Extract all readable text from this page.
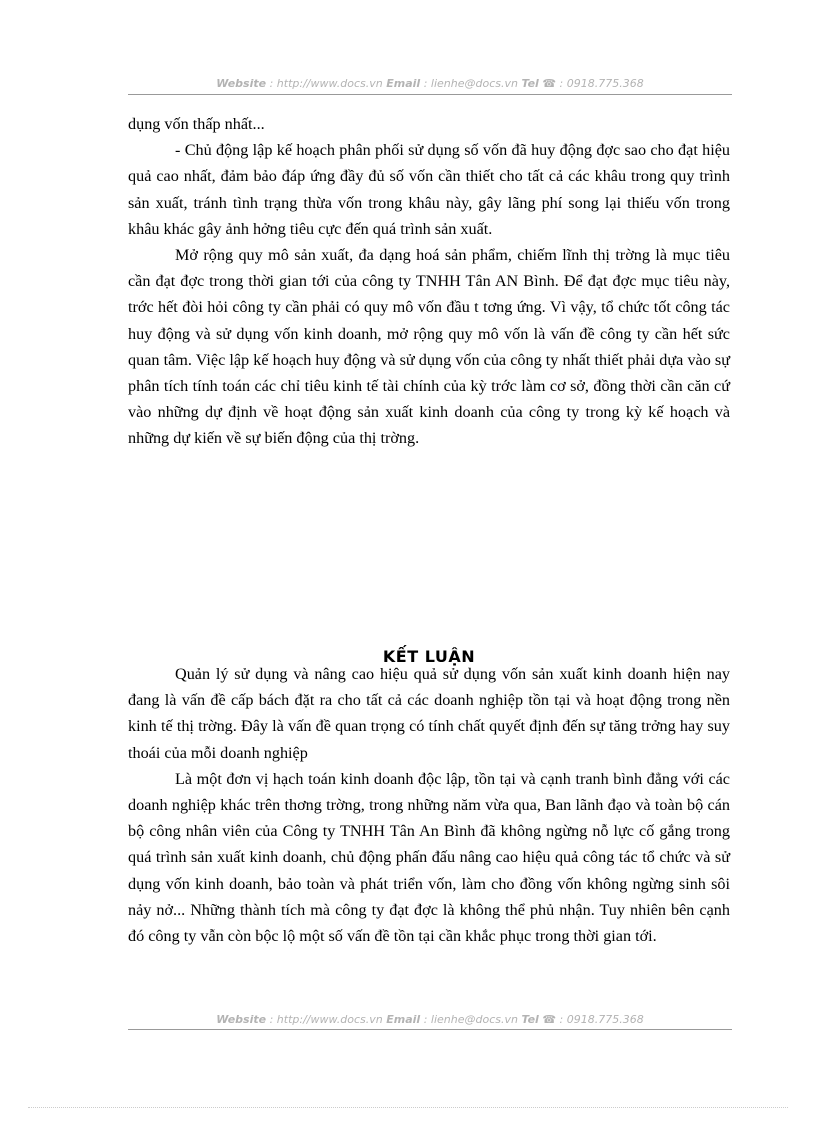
Website : http://www.docs.vn Email : lienhe@docs.vn Tel ☎ : 0918.775.368

dụng vốn thấp nhất...

- Chủ động lập kế hoạch phân phối sử dụng số vốn đã huy động đợc sao cho đạt hiệu quả cao nhất, đảm bảo đáp ứng đầy đủ số vốn cần thiết cho tất cả các khâu trong quy trình sản xuất, tránh tình trạng thừa vốn trong khâu này, gây lãng phí song lại thiếu vốn trong khâu khác gây ảnh hởng tiêu cực đến quá trình sản xuất.

Mở rộng quy mô sản xuất, đa dạng hoá sản phẩm, chiếm lĩnh thị trờng là mục tiêu cần đạt đợc trong thời gian tới của công ty TNHH Tân AN Bình. Để đạt đợc mục tiêu này, trớc hết đòi hỏi công ty cần phải có quy mô vốn đầu t tơng ứng. Vì vậy, tổ chức tốt công tác huy động và sử dụng vốn kinh doanh, mở rộng quy mô vốn là vấn đề công ty cần hết sức quan tâm. Việc lập kế hoạch huy động và sử dụng vốn của công ty nhất thiết phải dựa vào sự phân tích tính toán các chỉ tiêu kinh tế tài chính của kỳ trớc làm cơ sở, đồng thời cần căn cứ vào những dự định về hoạt động sản xuất kinh doanh của công ty trong kỳ kế hoạch và những dự kiến về sự biến động của thị trờng.

KẾT LUẬN

Quản lý sử dụng và nâng cao hiệu quả sử dụng vốn sản xuất kinh doanh hiện nay đang là vấn đề cấp bách đặt ra cho tất cả các doanh nghiệp tồn tại và hoạt động trong nền kinh tế thị trờng. Đây là vấn đề quan trọng có tính chất quyết định đến sự tăng trởng hay suy thoái của mỗi doanh nghiệp

Là một đơn vị hạch toán kinh doanh độc lập, tồn tại và cạnh tranh bình đẳng với các doanh nghiệp khác trên thơng trờng, trong những năm vừa qua, Ban lãnh đạo và toàn bộ cán bộ công nhân viên của Công ty TNHH Tân An Bình đã không ngừng nỗ lực cố gắng trong quá trình sản xuất kinh doanh, chủ động phấn đấu nâng cao hiệu quả công tác tổ chức và sử dụng vốn kinh doanh, bảo toàn và phát triển vốn, làm cho đồng vốn không ngừng sinh sôi nảy nở... Những thành tích mà công ty đạt đợc là không thể phủ nhận. Tuy nhiên bên cạnh đó công ty vẫn còn bộc lộ một số vấn đề tồn tại cần khắc phục trong thời gian tới.

Website : http://www.docs.vn Email : lienhe@docs.vn Tel ☎ : 0918.775.368
